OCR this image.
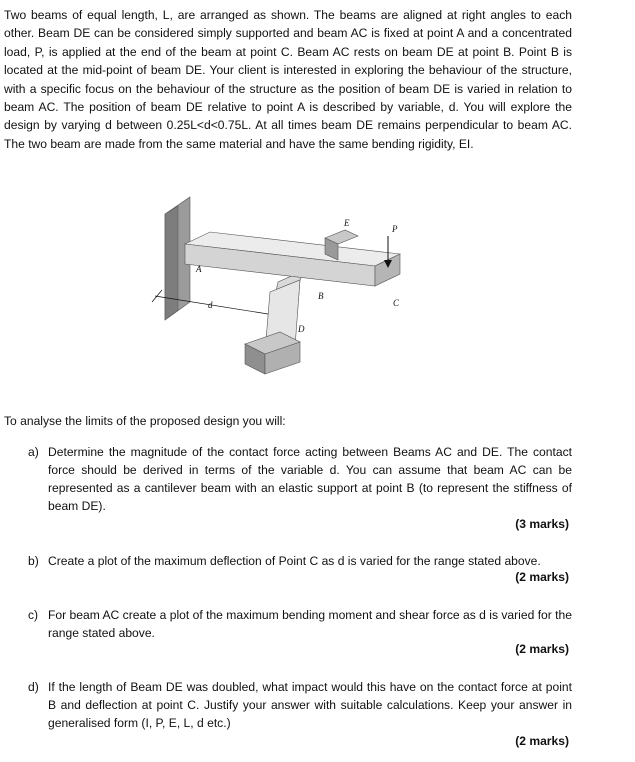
Two beams of equal length, L, are arranged as shown. The beams are aligned at right angles to each other. Beam DE can be considered simply supported and beam AC is fixed at point A and a concentrated load, P, is applied at the end of the beam at point C. Beam AC rests on beam DE at point B. Point B is located at the mid-point of beam DE. Your client is interested in exploring the behaviour of the structure, with a specific focus on the behaviour of the structure as the position of beam DE is varied in relation to beam AC. The position of beam DE relative to point A is described by variable, d. You will explore the design by varying d between 0.25L<d<0.75L. At all times beam DE remains perpendicular to beam AC. The two beam are made from the same material and have the same bending rigidity, EI.

A
B
C
D
E
P
d

To analyse the limits of the proposed design you will:

a) Determine the magnitude of the contact force acting between Beams AC and DE. The contact force should be derived in terms of the variable d. You can assume that beam AC can be represented as a cantilever beam with an elastic support at point B (to represent the stiffness of beam DE).

(3 marks)
b) Create a plot of the maximum deflection of Point C as d is varied for the range stated above.

(2 marks)
c) For beam AC create a plot of the maximum bending moment and shear force as d is varied for the range stated above.

(2 marks)
d) If the length of Beam DE was doubled, what impact would this have on the contact force at point B and deflection at point C. Justify your answer with suitable calculations. Keep your answer in generalised form (I, P, E, L, d etc.)

(2 marks)
